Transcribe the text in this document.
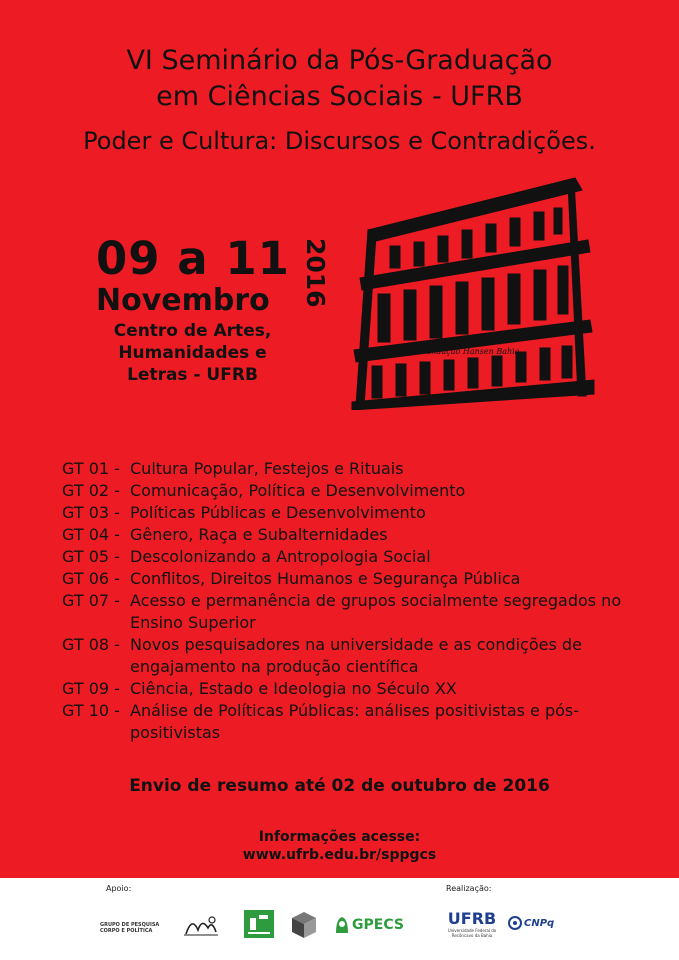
VI Seminário da Pós-Graduação
em Ciências Sociais - UFRB
Poder e Cultura: Discursos e Contradições.
09 a 11
Novembro 2016
Centro de Artes,
Humanidades e
Letras - UFRB
Fundação Hansen Bahia
GT 01 - Cultura Popular, Festejos e Rituais
GT 02 - Comunicação, Política e Desenvolvimento
GT 03 - Políticas Públicas e Desenvolvimento
GT 04 - Gênero, Raça e Subalternidades
GT 05 - Descolonizando a Antropologia Social
GT 06 - Conflitos, Direitos Humanos e Segurança Pública
GT 07 - Acesso e permanência de grupos socialmente segregados no Ensino Superior
GT 08 - Novos pesquisadores na universidade e as condições de engajamento na produção científica
GT 09 - Ciência, Estado e Ideologia no Século XX
GT 10 - Análise de Políticas Públicas: análises positivistas e pós-positivistas
Envio de resumo até 02 de outubro de 2016
Informações acesse:
www.ufrb.edu.br/sppgcs
Apoio:	Realização:
GRUPO DE PESQUISA CORPO E POLÍTICA	GPECS	UFRB
Universidade Federal do Recôncavo da Bahia
CNPq
